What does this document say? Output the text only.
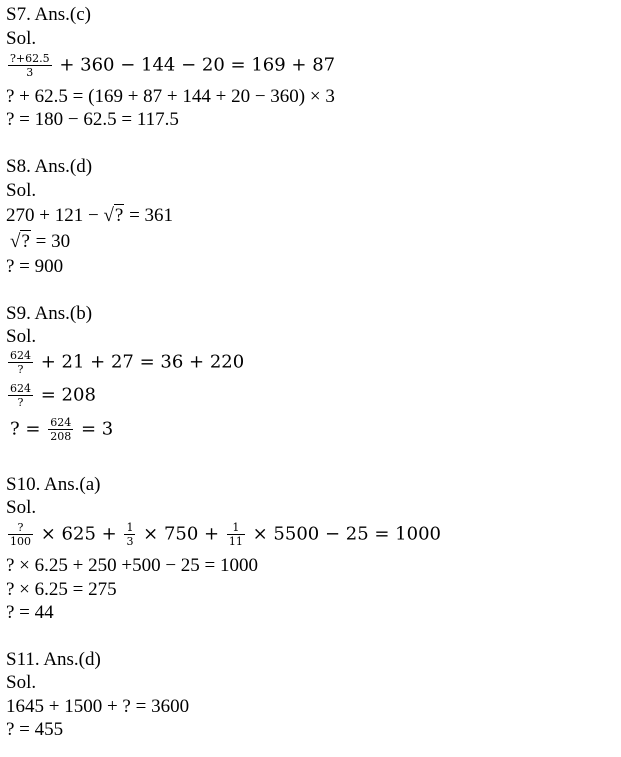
S7. Ans.(c)
Sol.
$\frac{?+62.5}{3} + 360 - 144 - 20 = 169 + 87$
? + 62.5 = (169 + 87 + 144 + 20 − 360) × 3
? = 180 − 62.5 = 117.5
S8. Ans.(d)
Sol.
270 + 121 − √? = 361
√? = 30
? = 900
S9. Ans.(b)
Sol.
$\frac{624}{?} + 21 + 27 = 36 + 220$
$\frac{624}{?} = 208$
? = $\frac{624}{208} = 3$
S10. Ans.(a)
Sol.
$\frac{?}{100} \times 625 + \frac{1}{3} \times 750 + \frac{1}{11} \times 5500 - 25 = 1000$
? × 6.25 + 250 +500 − 25 = 1000
? × 6.25 = 275
? = 44
S11. Ans.(d)
Sol.
1645 + 1500 + ? = 3600
? = 455
